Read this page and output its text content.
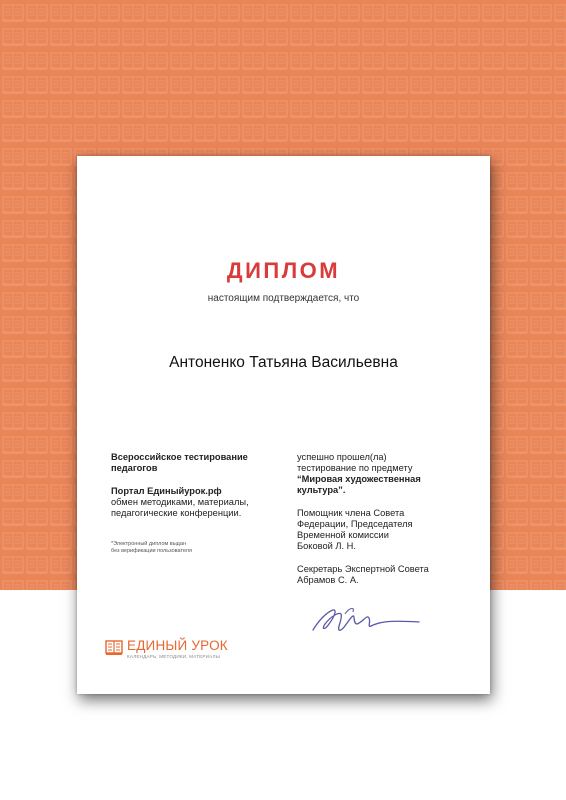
ДИПЛОМ
настоящим подтверждается, что
Антоненко Татьяна Васильевна
Всероссийское тестирование
педагогов
Портал Единыйурок.рф
обмен методиками, материалы,
педагогические конференции.
*Электронный диплом выдан
без верификации пользователя
успешно прошел(ла)
тестирование по предмету
“Мировая художественная
культура”.
Помощник члена Совета
Федерации, Председателя
Временной комиссии
Боковой Л. Н.
Секретарь Экспертной Совета
Абрамов С. А.
ЕДИНЫЙ УРОК
КАЛЕНДАРЬ, МЕТОДИКИ, МАТЕРИАЛЫ
